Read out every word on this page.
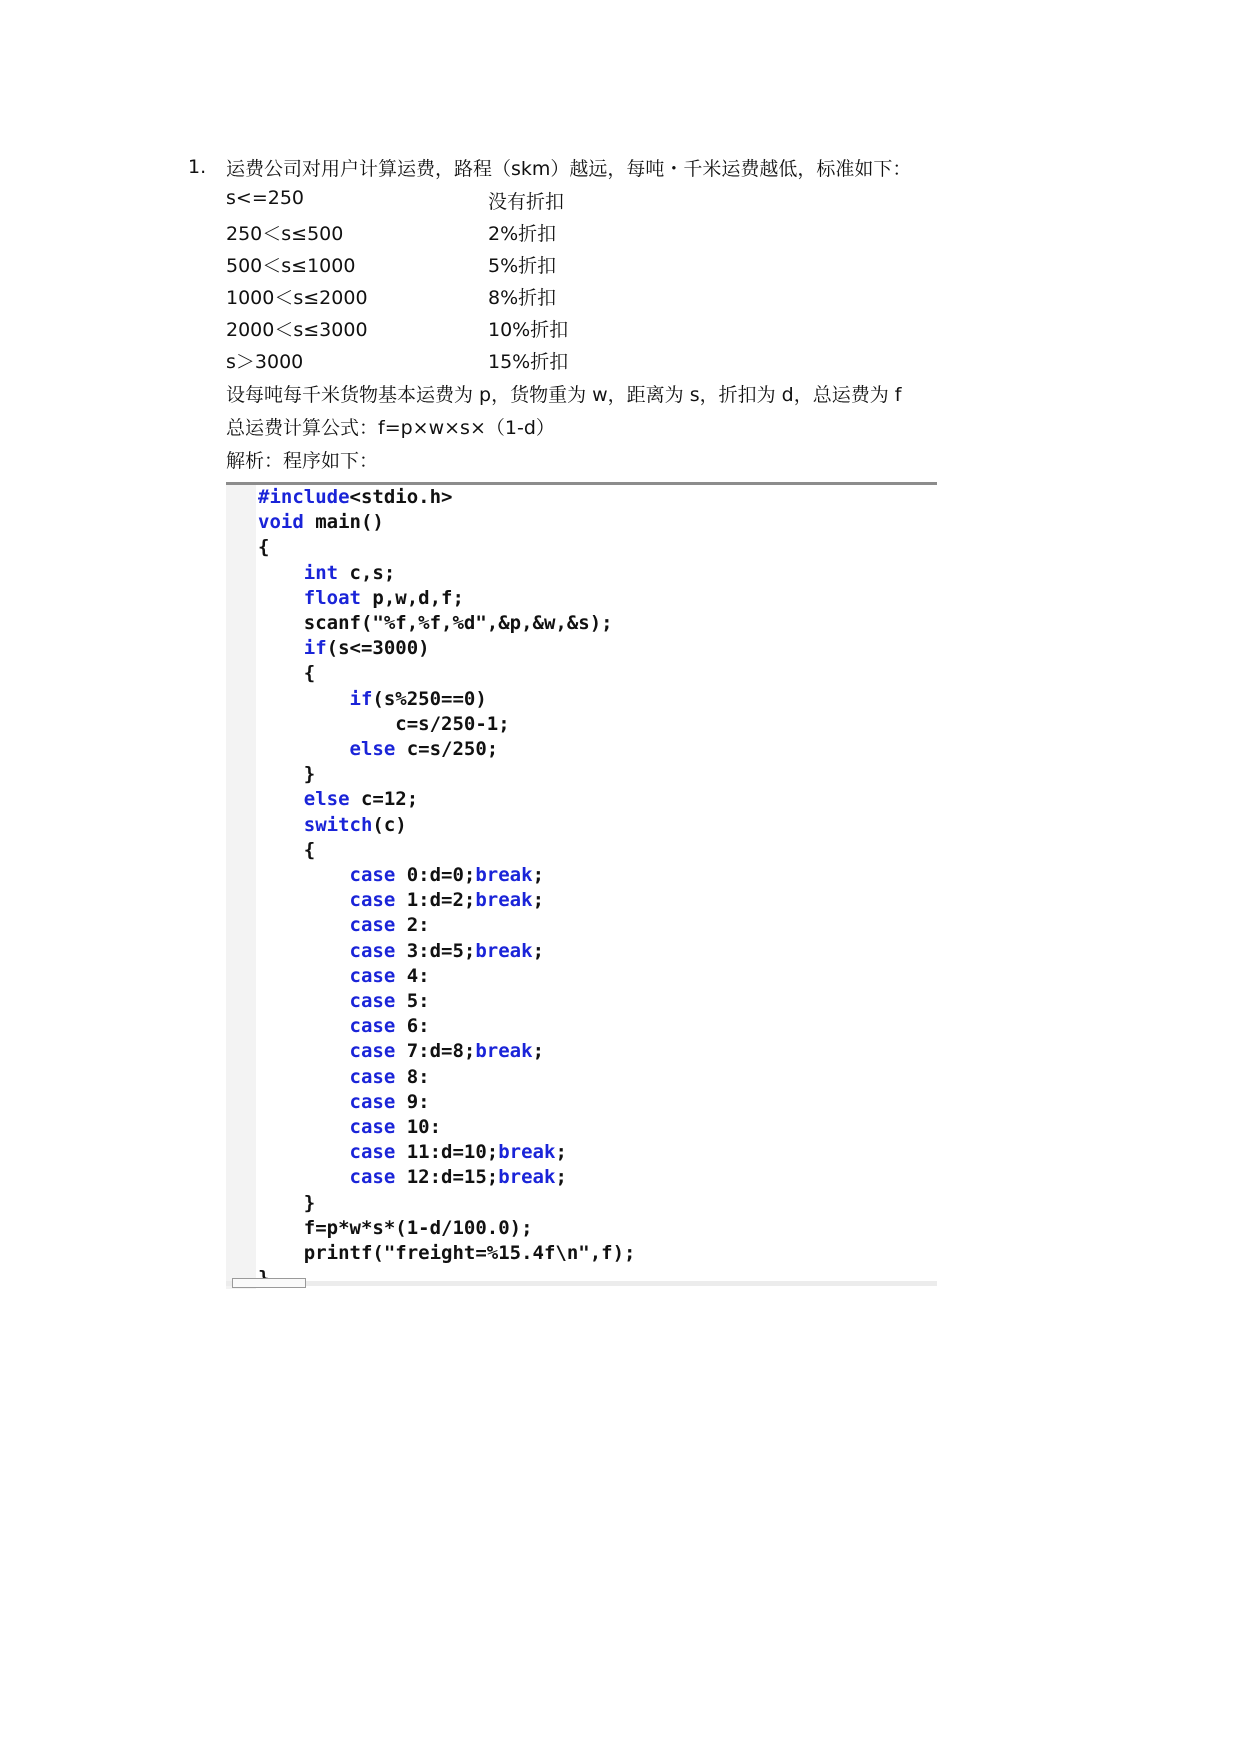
1. 运费公司对用户计算运费，路程（skm）越远，每吨・千米运费越低，标准如下：
s<=250	没有折扣
250＜s≤500	2%折扣
500＜s≤1000	5%折扣
1000＜s≤2000	8%折扣
2000＜s≤3000	10%折扣
s＞3000	15%折扣
设每吨每千米货物基本运费为 p，货物重为 w，距离为 s，折扣为 d，总运费为 f
总运费计算公式：f=p×w×s×（1-d）
解析：程序如下：
#include<stdio.h>
void main()
{
int c,s;
float p,w,d,f;
scanf("%f,%f,%d",&p,&w,&s);
if(s<=3000)
{
if(s%250==0)
c=s/250-1;
else c=s/250;
}
else c=12;
switch(c)
{
case 0:d=0;break;
case 1:d=2;break;
case 2:
case 3:d=5;break;
case 4:
case 5:
case 6:
case 7:d=8;break;
case 8:
case 9:
case 10:
case 11:d=10;break;
case 12:d=15;break;
}
f=p*w*s*(1-d/100.0);
printf("freight=%15.4f\n",f);
